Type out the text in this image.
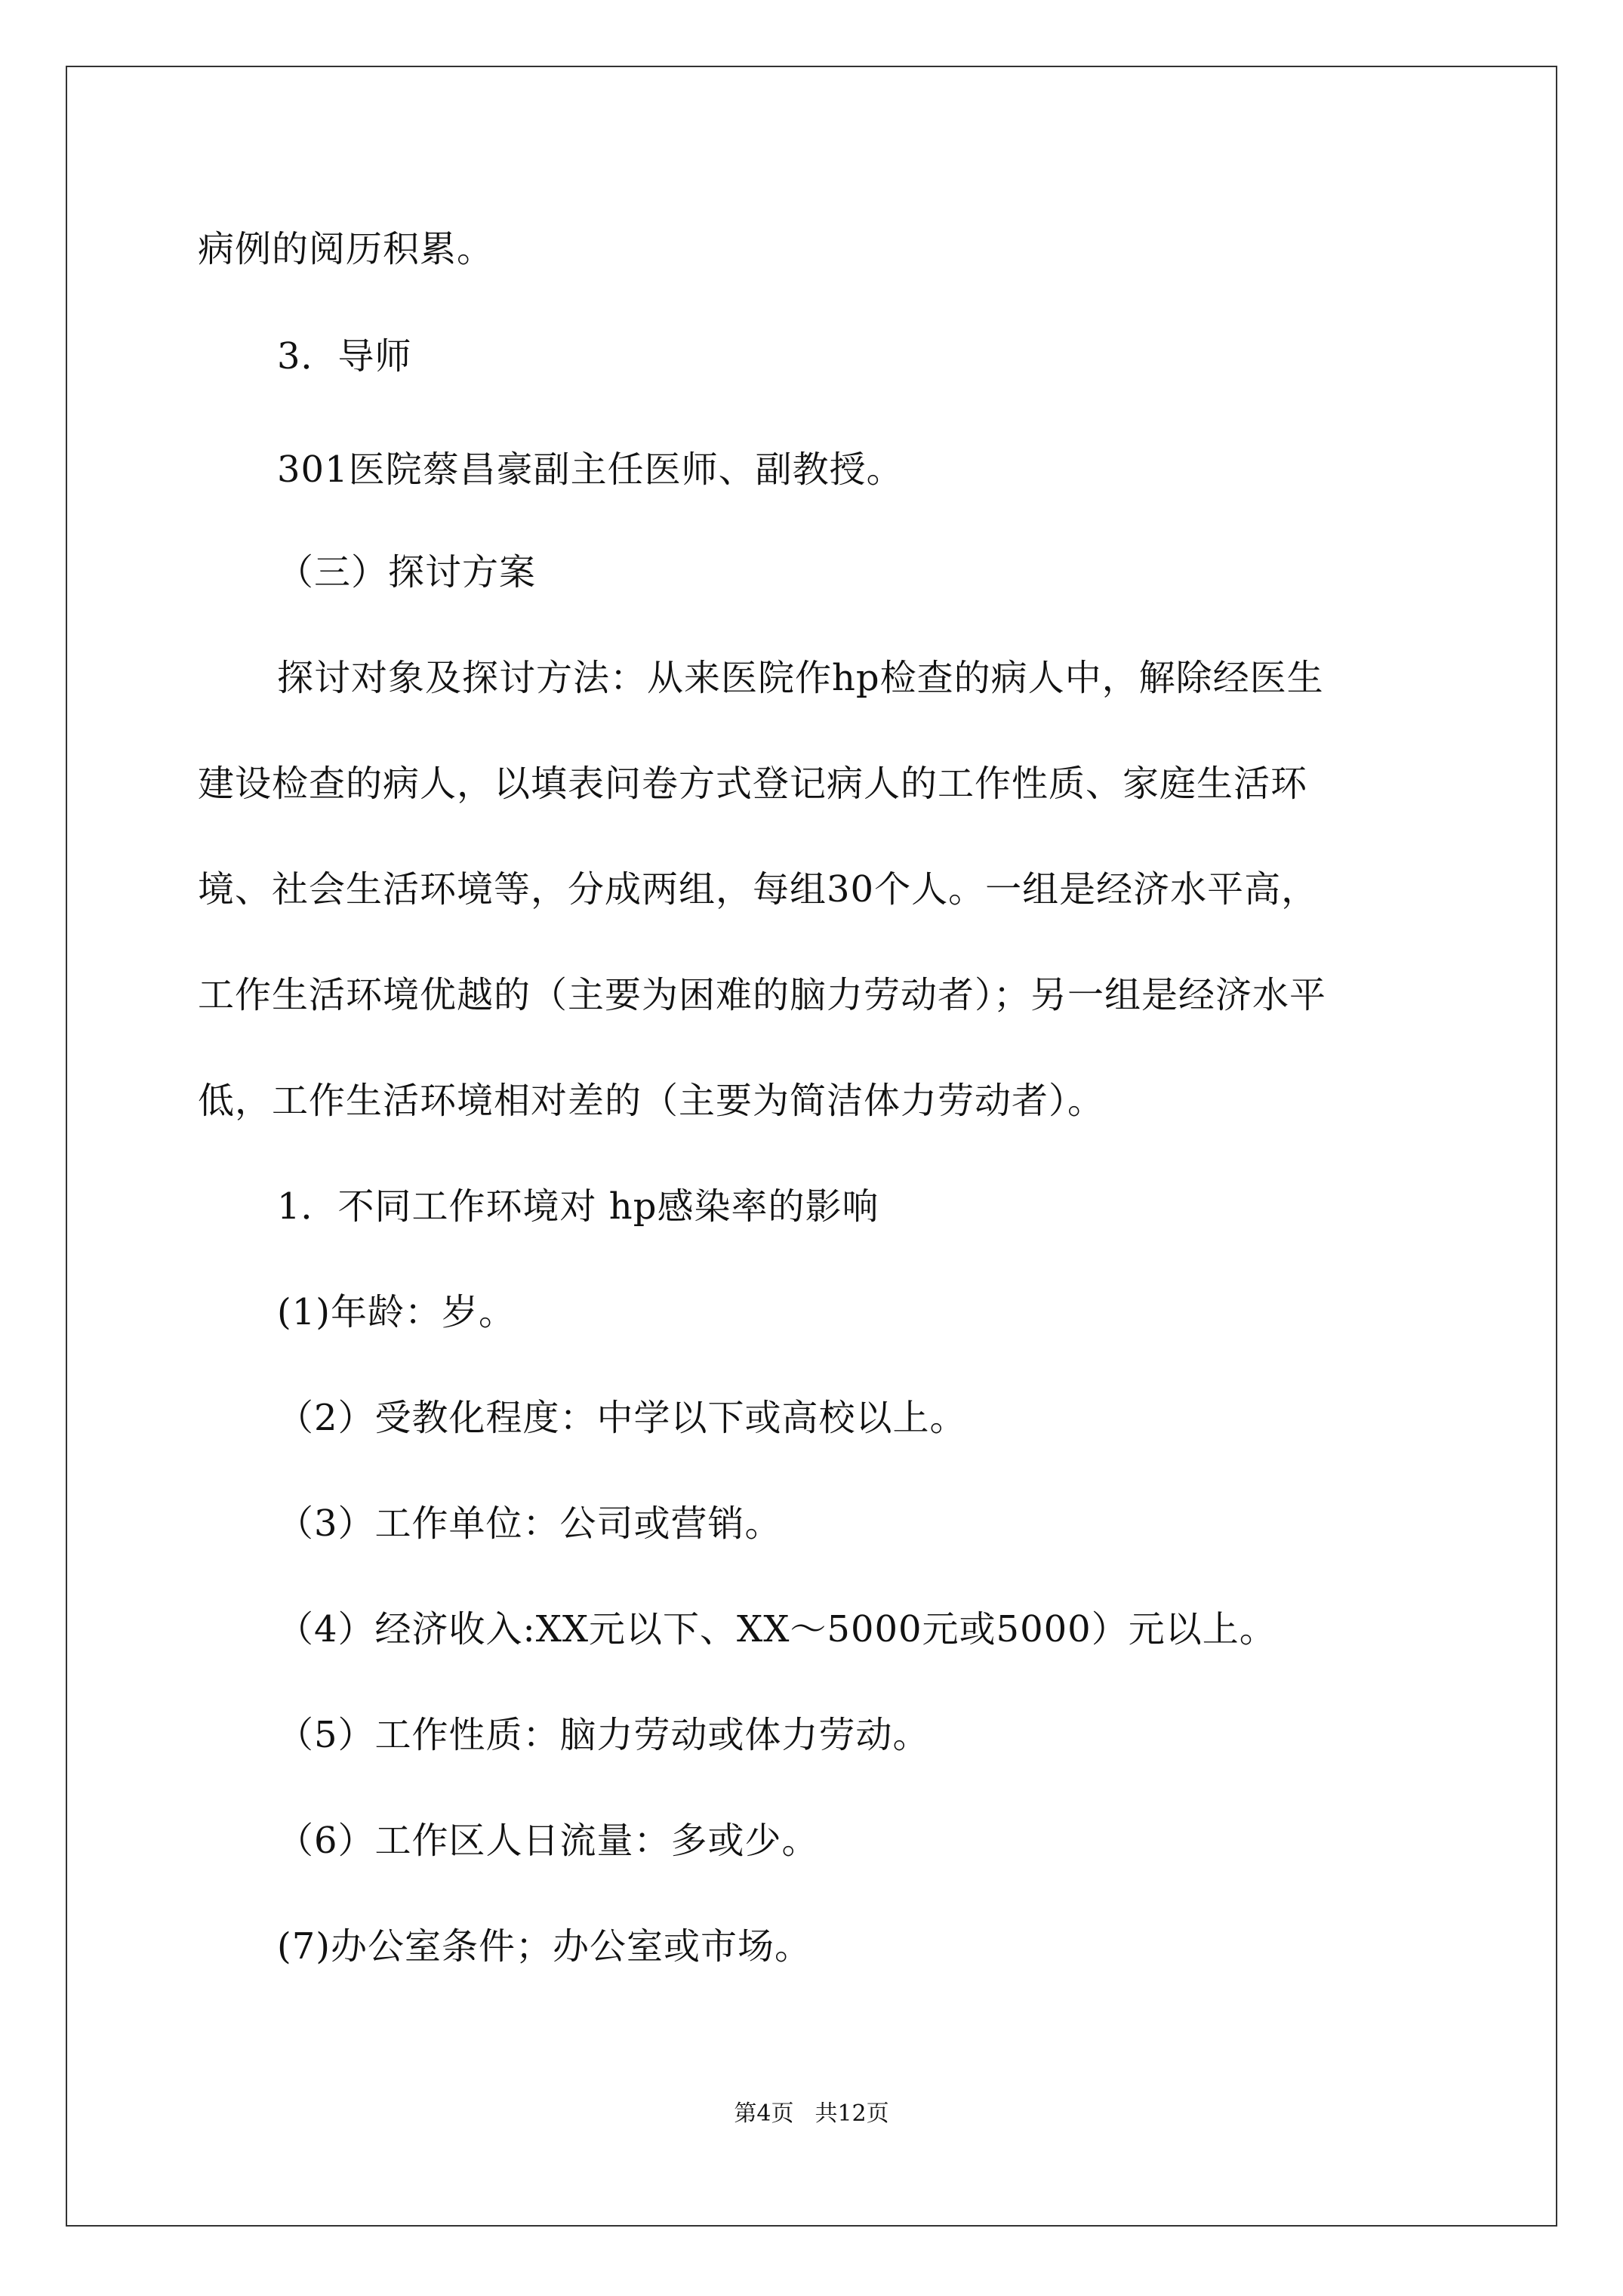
病例的阅历积累。

3．导师

301医院蔡昌豪副主任医师、副教授。

（三）探讨方案

探讨对象及探讨方法：从来医院作hp检查的病人中，解除经医生

建设检查的病人，以填表问卷方式登记病人的工作性质、家庭生活环

境、社会生活环境等，分成两组，每组30个人。一组是经济水平高，

工作生活环境优越的（主要为困难的脑力劳动者）；另一组是经济水平

低，工作生活环境相对差的（主要为简洁体力劳动者）。

1．不同工作环境对 hp感染率的影响

(1)年龄：岁。

（2）受教化程度：中学以下或高校以上。

（3）工作单位：公司或营销。

（4）经济收入:XX元以下、XX～5000元或5000）元以上。

（5）工作性质：脑力劳动或体力劳动。

（6）工作区人日流量：多或少。

(7)办公室条件；办公室或市场。

第4页 共12页
